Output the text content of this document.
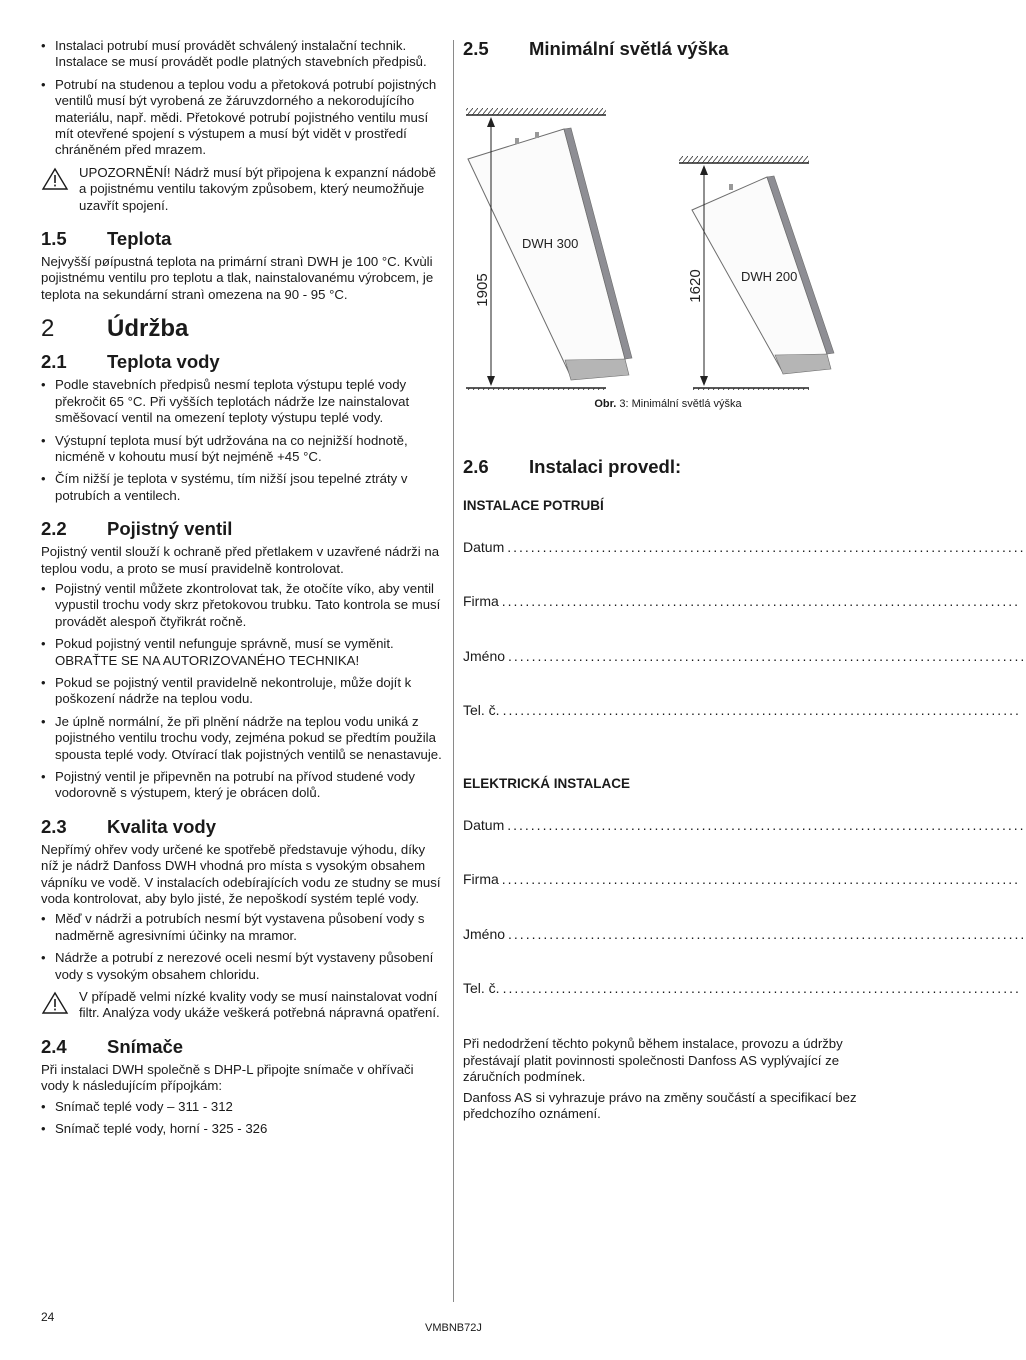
• Instalaci potrubí musí provádět schválený instalační technik. Instalace se musí provádět podle platných stavebních předpisů.
• Potrubí na studenou a teplou vodu a přetoková potrubí pojistných ventilů musí být vyrobená ze žáruvzdorného a nekorodujícího materiálu, např. mědi. Přetokové potrubí pojistného ventilu musí mít otevřené spojení s výstupem a musí být vidět v prostředí chráněném před mrazem.
UPOZORNĚNÍ! Nádrž musí být připojena k expanzní nádobě a pojistnému ventilu takovým způsobem, který neumožňuje uzavřít spojení.
1.5	Teplota

Nejvyšší pøípustná teplota na primární stranì DWH je 100 °C. Kvùli pojistnému ventilu pro teplotu a tlak, nainstalovanému výrobcem, je teplota na sekundární stranì omezena na 90 - 95 °C.

2	Údržba
2.1	Teplota vody
• Podle stavebních předpisů nesmí teplota výstupu teplé vody překročit 65 °C. Při vyšších teplotách nádrže lze nainstalovat směšovací ventil na omezení teploty výstupu teplé vody.
• Výstupní teplota musí být udržována na co nejnižší hodnotě, nicméně v kohoutu musí být nejméně +45 °C.
• Čím nižší je teplota v systému, tím nižší jsou tepelné ztráty v potrubích a ventilech.
2.2	Pojistný ventil

Pojistný ventil slouží k ochraně před přetlakem v uzavřené nádrži na teplou vodu, a proto se musí pravidelně kontrolovat.

• Pojistný ventil můžete zkontrolovat tak, že otočíte víko, aby ventil vypustil trochu vody skrz přetokovou trubku. Tato kontrola se musí provádět alespoň čtyřikrát ročně.
• Pokud pojistný ventil nefunguje správně, musí se vyměnit. OBRAŤTE SE NA AUTORIZOVANÉHO TECHNIKA!
• Pokud se pojistný ventil pravidelně nekontroluje, může dojít k poškození nádrže na teplou vodu.
• Je úplně normální, že při plnění nádrže na teplou vodu uniká z pojistného ventilu trochu vody, zejména pokud se předtím použila spousta teplé vody. Otvírací tlak pojistných ventilů se nenastavuje.
• Pojistný ventil je připevněn na potrubí na přívod studené vody vodorovně s výstupem, který je obrácen dolů.
2.3	Kvalita vody

Nepřímý ohřev vody určené ke spotřebě představuje výhodu, díky níž je nádrž Danfoss DWH vhodná pro místa s vysokým obsahem vápníku ve vodě. V instalacích odebírajících vodu ze studny se musí voda kontrolovat, aby bylo jisté, že nepoškodí systém teplé vody.

• Měď v nádrži a potrubích nesmí být vystavena působení vody s nadměrně agresivními účinky na mramor.
• Nádrže a potrubí z nerezové oceli nesmí být vystaveny působení vody s vysokým obsahem chloridu.
V případě velmi nízké kvality vody se musí nainstalovat vodní filtr. Analýza vody ukáže veškerá potřebná nápravná opatření.
2.4	Snímače

Při instalaci DWH společně s DHP-L připojte snímače v ohřívači vody k následujícím přípojkám:

• Snímač teplé vody – 311 - 312
• Snímač teplé vody, horní - 325 - 326
2.5	Minimální světlá výška
DWH 300
1905	DWH 200
1620
Obr. 3: Minimální světlá výška
2.6	Instalaci provedl:

INSTALACE POTRUBÍ

Datum ........................................................................................
Firma ........................................................................................
Jméno ........................................................................................
Tel. č. ........................................................................................

ELEKTRICKÁ INSTALACE

Datum ........................................................................................
Firma ........................................................................................
Jméno ........................................................................................
Tel. č. ........................................................................................

Při nedodržení těchto pokynů během instalace, provozu a údržby přestávají platit povinnosti společnosti Danfoss AS vyplývající ze záručních podmínek.

Danfoss AS si vyhrazuje právo na změny součástí a specifikací bez předchozího oznámení.

24
VMBNB72J
